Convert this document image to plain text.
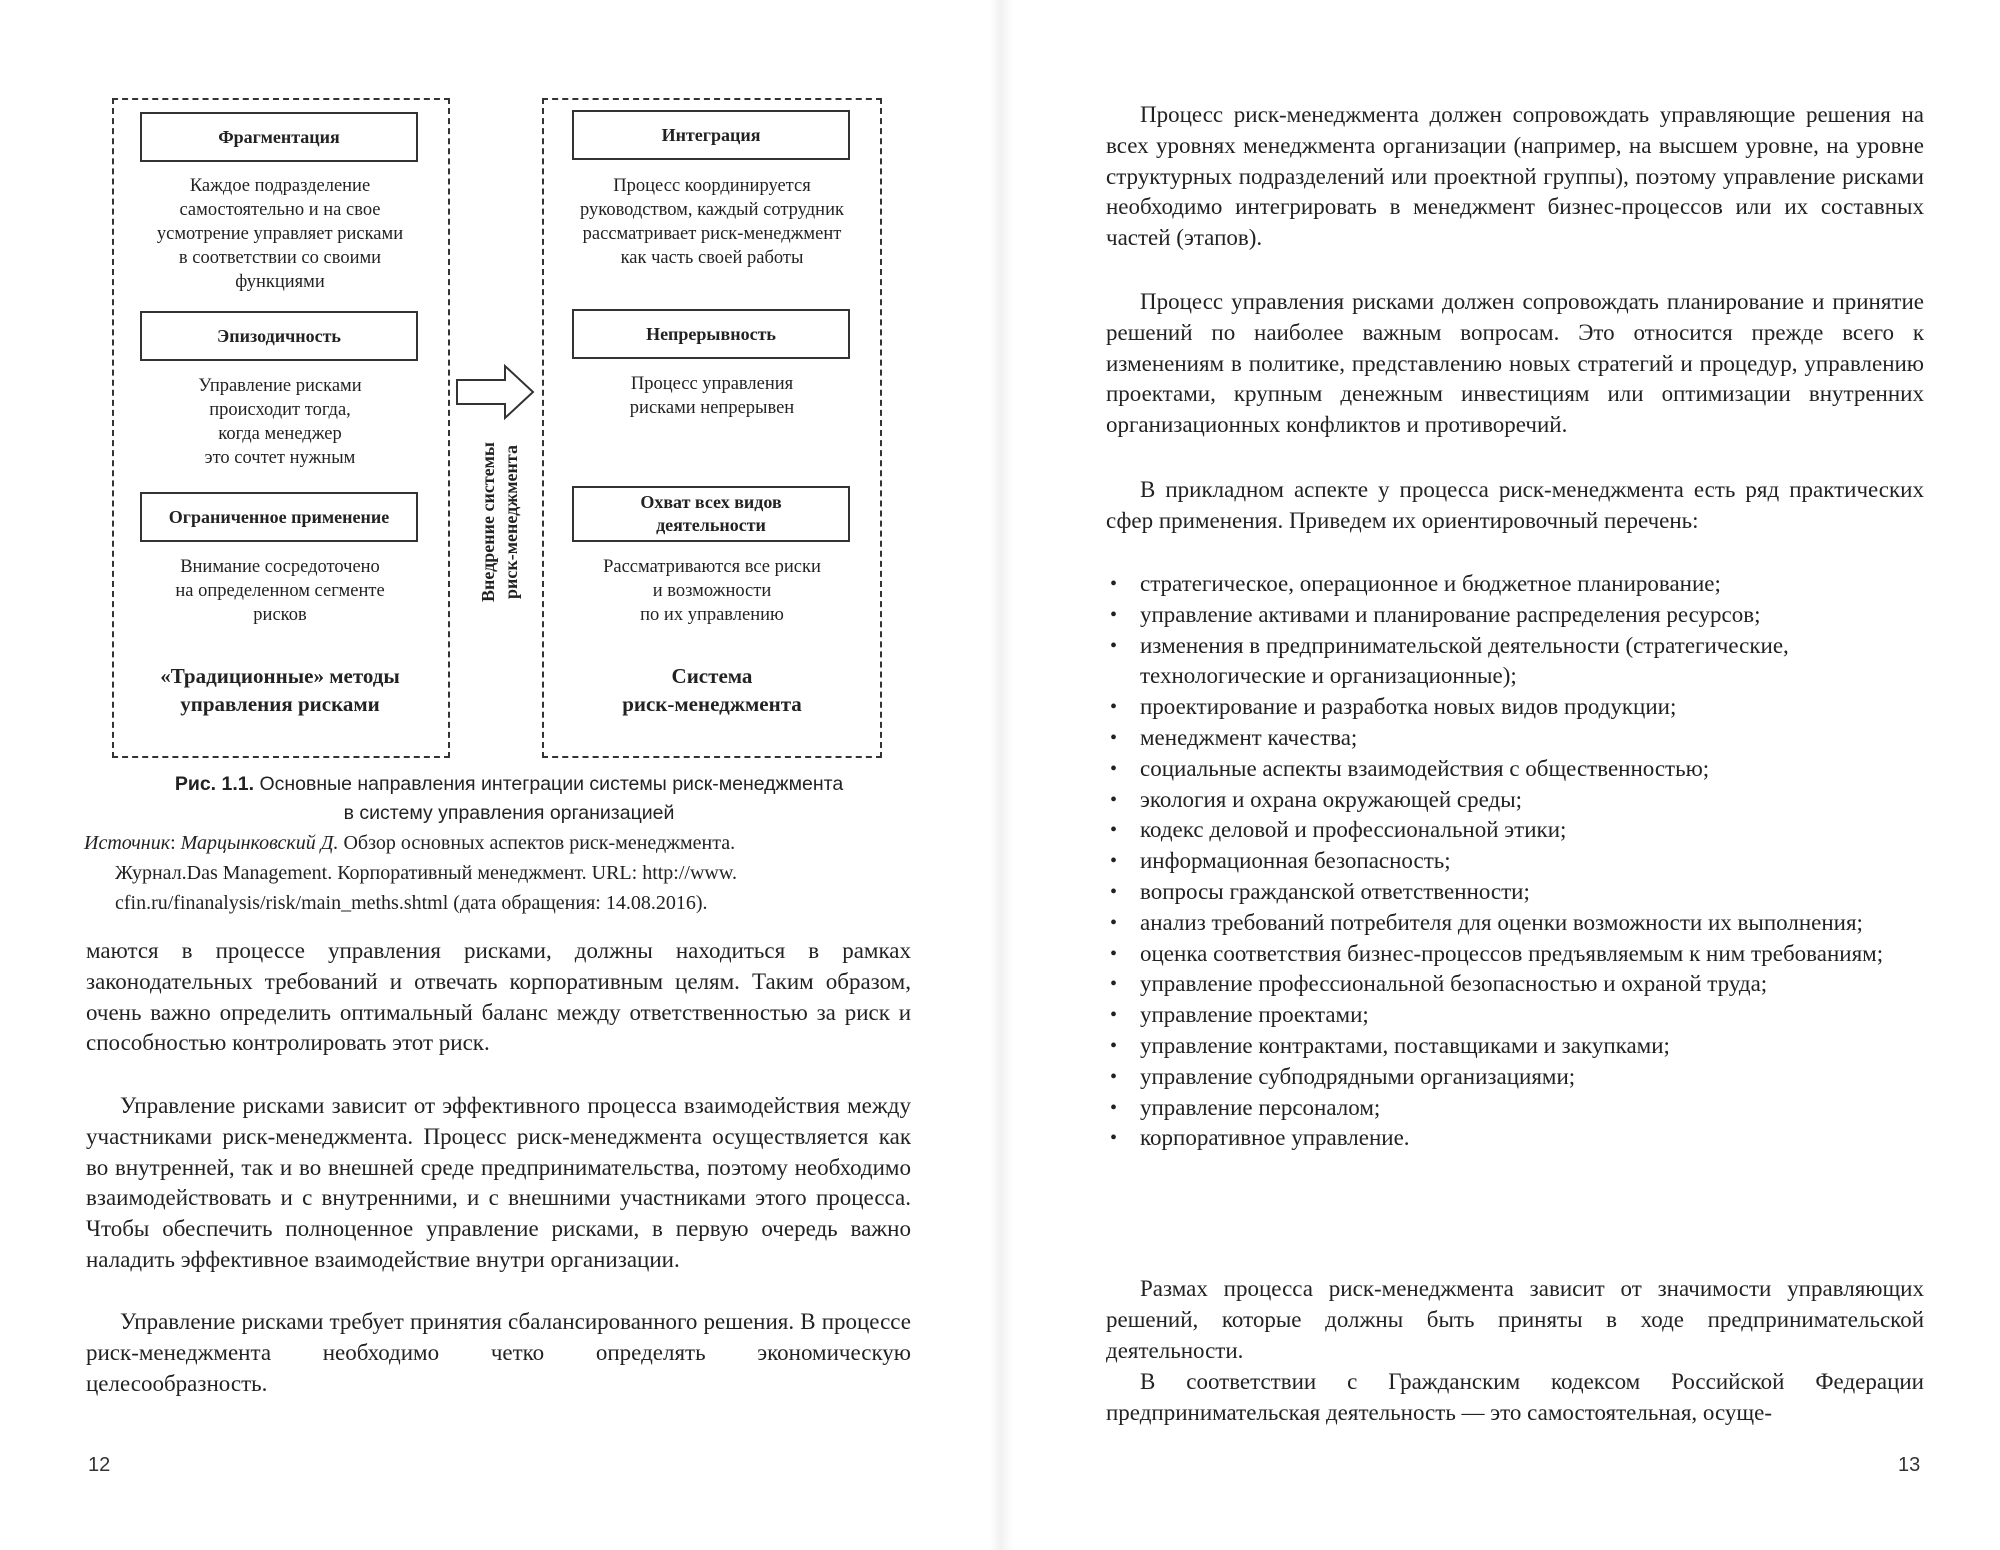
Фрагментация
Каждое подразделение
самостоятельно и на свое
усмотрение управляет рисками
в соответствии со своими
функциями
Эпизодичность
Управление рисками
происходит тогда,
когда менеджер
это сочтет нужным
Ограниченное применение
Внимание сосредоточено
на определенном сегменте
рисков
«Традиционные» методы
управления рисками
Внедрение системы риск-менеджмента
Интеграция
Процесс координируется
руководством, каждый сотрудник
рассматривает риск-менеджмент
как часть своей работы
Непрерывность
Процесс управления
рисками непрерывен
Охват всех видов
деятельности
Рассматриваются все риски
и возможности
по их управлению
Система
риск-менеджмента
Рис. 1.1. Основные направления интеграции системы риск-менеджмента
в систему управления организацией
Источник: Марцынковский Д. Обзор основных аспектов риск-менеджмента.
Журнал.Das Management. Корпоративный менеджмент. URL: http://www.
cfin.ru/finanalysis/risk/main_meths.shtml (дата обращения: 14.08.2016).

маются в процессе управления рисками, должны находиться в рамках законодательных требований и отвечать корпоративным целям. Таким образом, очень важно определить оптимальный баланс между ответственностью за риск и способностью контролировать этот риск.

Управление рисками зависит от эффективного процесса взаимодействия между участниками риск-менеджмента. Процесс риск-менеджмента осуществляется как во внутренней, так и во внешней среде предпринимательства, поэтому необходимо взаимодействовать и с внутренними, и с внешними участниками этого процесса. Чтобы обеспечить полноценное управление рисками, в первую очередь важно наладить эффективное взаимодействие внутри организации.

Управление рисками требует принятия сбалансированного решения. В процессе риск-менеджмента необходимо четко определять экономическую целесообразность.

12

Процесс риск-менеджмента должен сопровождать управляющие решения на всех уровнях менеджмента организации (например, на высшем уровне, на уровне структурных подразделений или проектной группы), поэтому управление рисками необходимо интегрировать в менеджмент бизнес-процессов или их составных частей (этапов).

Процесс управления рисками должен сопровождать планирование и принятие решений по наиболее важным вопросам. Это относится прежде всего к изменениям в политике, представлению новых стратегий и процедур, управлению проектами, крупным денежным инвестициям или оптимизации внутренних организационных конфликтов и противоречий.

В прикладном аспекте у процесса риск-менеджмента есть ряд практических сфер применения. Приведем их ориентировочный перечень:

• стратегическое, операционное и бюджетное планирование;
• управление активами и планирование распределения ресурсов;
• изменения в предпринимательской деятельности (стратегические, технологические и организационные);
• проектирование и разработка новых видов продукции;
• менеджмент качества;
• социальные аспекты взаимодействия с общественностью;
• экология и охрана окружающей среды;
• кодекс деловой и профессиональной этики;
• информационная безопасность;
• вопросы гражданской ответственности;
• анализ требований потребителя для оценки возможности их выполнения;
• оценка соответствия бизнес-процессов предъявляемым к ним требованиям;
• управление профессиональной безопасностью и охраной труда;
• управление проектами;
• управление контрактами, поставщиками и закупками;
• управление субподрядными организациями;
• управление персоналом;
• корпоративное управление.

Размах процесса риск-менеджмента зависит от значимости управляющих решений, которые должны быть приняты в ходе предпринимательской деятельности.

В соответствии с Гражданским кодексом Российской Федерации предпринимательская деятельность — это самостоятельная, осуще-

13
